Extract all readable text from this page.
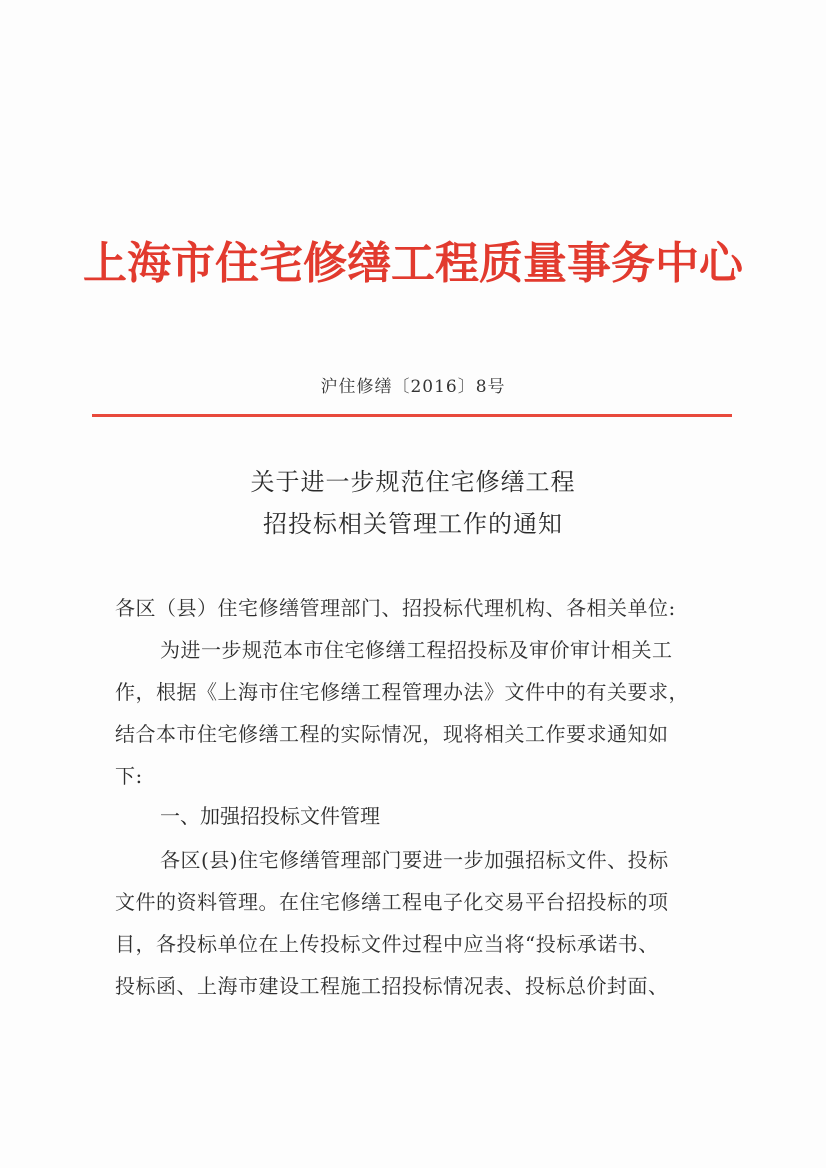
上海市住宅修缮工程质量事务中心
沪住修缮〔2016〕8号
关于进一步规范住宅修缮工程
招投标相关管理工作的通知
各区（县）住宅修缮管理部门、招投标代理机构、各相关单位:
为进一步规范本市住宅修缮工程招投标及审价审计相关工
作，根据《上海市住宅修缮工程管理办法》文件中的有关要求，
结合本市住宅修缮工程的实际情况，现将相关工作要求通知如
下:
一、加强招投标文件管理
各区(县)住宅修缮管理部门要进一步加强招标文件、投标
文件的资料管理。在住宅修缮工程电子化交易平台招投标的项
目，各投标单位在上传投标文件过程中应当将“投标承诺书、
投标函、上海市建设工程施工招投标情况表、投标总价封面、
